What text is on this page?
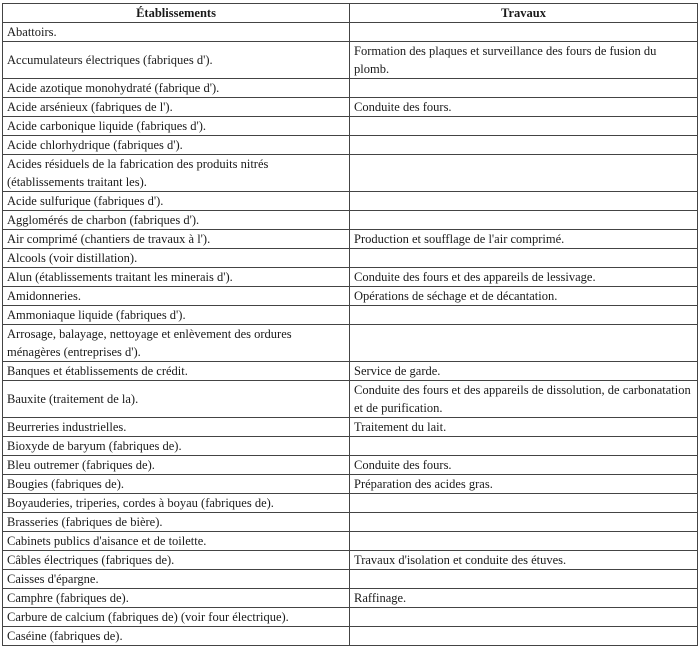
Établissements	Travaux
Abattoirs.	
Accumulateurs électriques (fabriques d').	Formation des plaques et surveillance des fours de fusion du plomb.
Acide azotique monohydraté (fabrique d').	
Acide arsénieux (fabriques de l').	Conduite des fours.
Acide carbonique liquide (fabriques d').	
Acide chlorhydrique (fabriques d').	
Acides résiduels de la fabrication des produits nitrés (établissements traitant les).	
Acide sulfurique (fabriques d').	
Agglomérés de charbon (fabriques d').	
Air comprimé (chantiers de travaux à l').	Production et soufflage de l'air comprimé.
Alcools (voir distillation).	
Alun (établissements traitant les minerais d').	Conduite des fours et des appareils de lessivage.
Amidonneries.	Opérations de séchage et de décantation.
Ammoniaque liquide (fabriques d').	
Arrosage, balayage, nettoyage et enlèvement des ordures ménagères (entreprises d').	
Banques et établissements de crédit.	Service de garde.
Bauxite (traitement de la).	Conduite des fours et des appareils de dissolution, de carbonatation et de purification.
Beurreries industrielles.	Traitement du lait.
Bioxyde de baryum (fabriques de).	
Bleu outremer (fabriques de).	Conduite des fours.
Bougies (fabriques de).	Préparation des acides gras.
Boyauderies, triperies, cordes à boyau (fabriques de).	
Brasseries (fabriques de bière).	
Cabinets publics d'aisance et de toilette.	
Câbles électriques (fabriques de).	Travaux d'isolation et conduite des étuves.
Caisses d'épargne.	
Camphre (fabriques de).	Raffinage.
Carbure de calcium (fabriques de) (voir four électrique).	
Caséine (fabriques de).	
